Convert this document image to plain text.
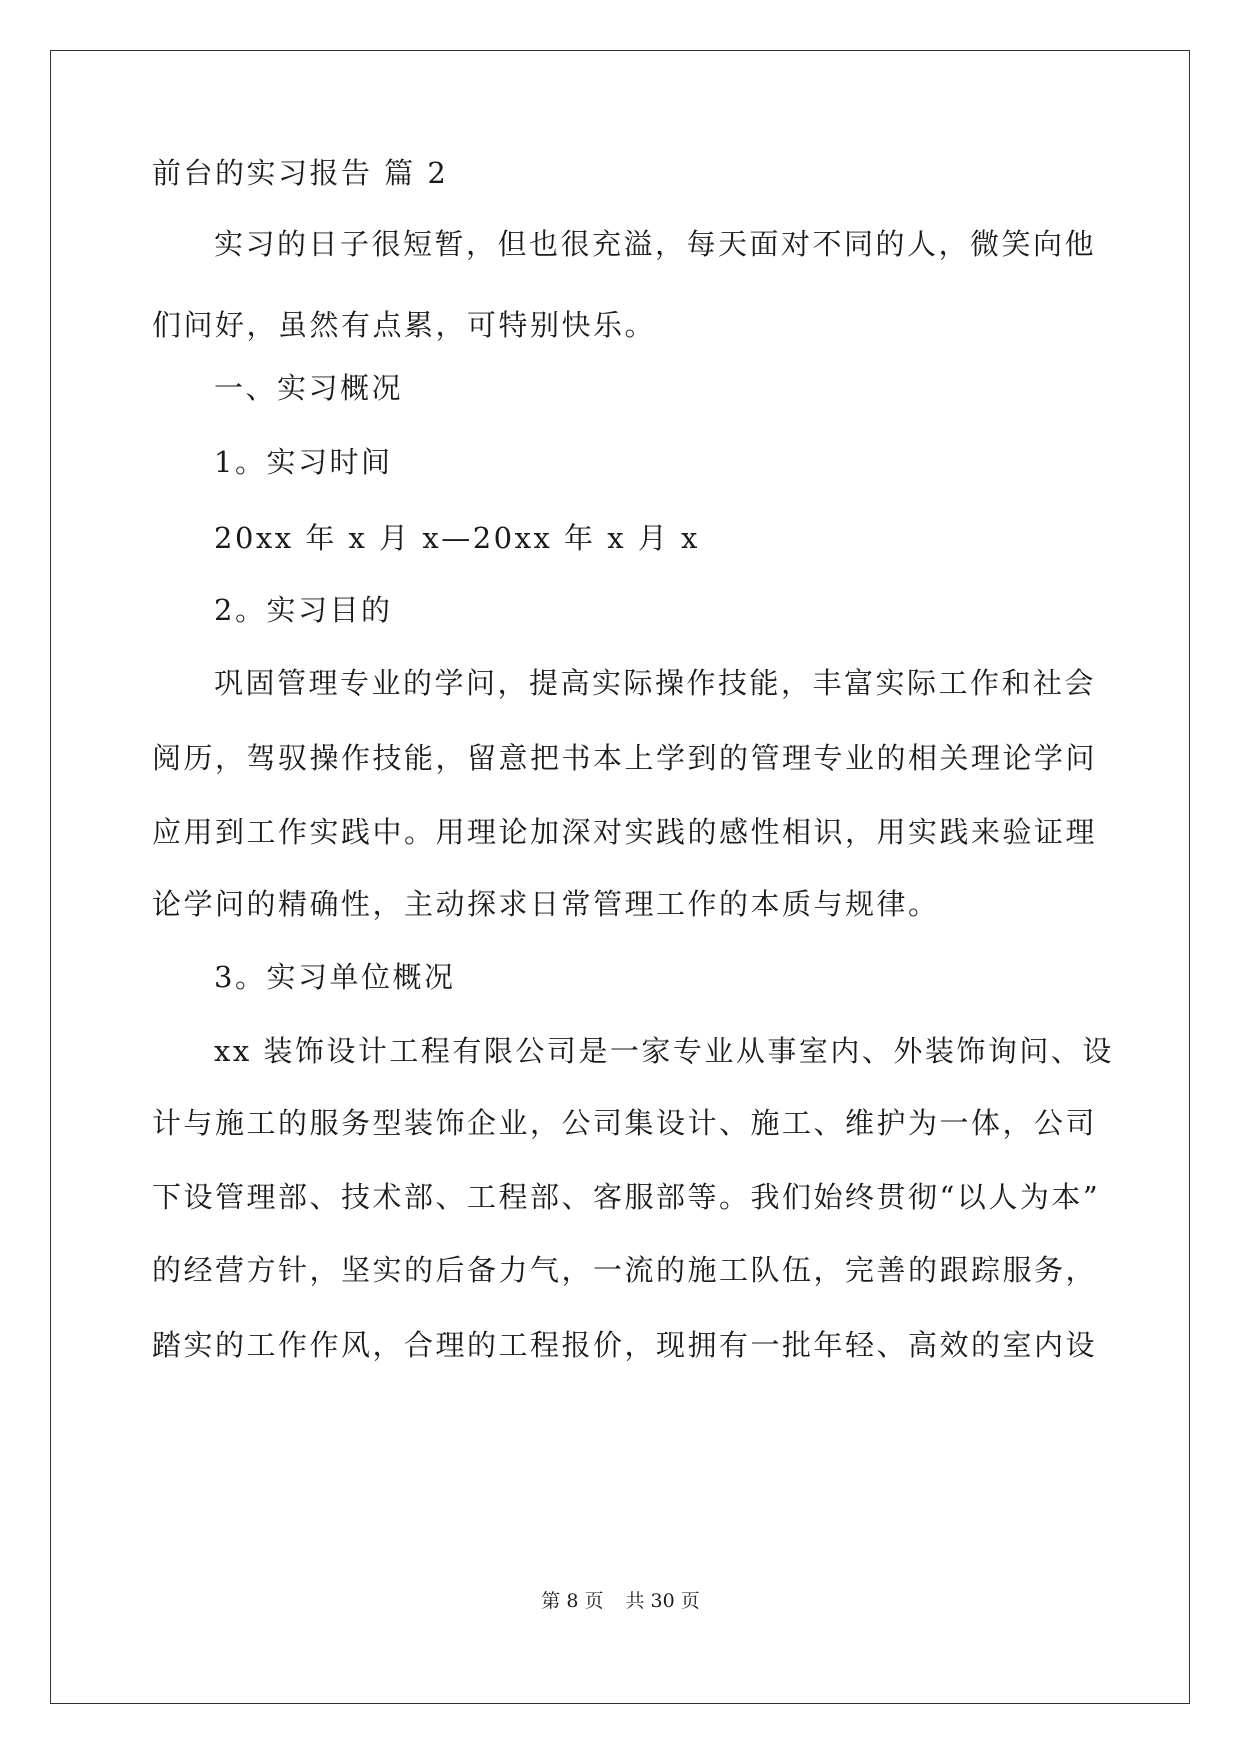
前台的实习报告 篇 2
实习的日子很短暂，但也很充溢，每天面对不同的人，微笑向他
们问好，虽然有点累，可特别快乐。
一、实习概况
1。实习时间
20xx 年 x 月 x—20xx 年 x 月 x
2。实习目的
巩固管理专业的学问，提高实际操作技能，丰富实际工作和社会
阅历，驾驭操作技能，留意把书本上学到的管理专业的相关理论学问
应用到工作实践中。用理论加深对实践的感性相识，用实践来验证理
论学问的精确性，主动探求日常管理工作的本质与规律。
3。实习单位概况
xx 装饰设计工程有限公司是一家专业从事室内、外装饰询问、设
计与施工的服务型装饰企业，公司集设计、施工、维护为一体，公司
下设管理部、技术部、工程部、客服部等。我们始终贯彻“以人为本”
的经营方针，坚实的后备力气，一流的施工队伍，完善的跟踪服务，
踏实的工作作风，合理的工程报价，现拥有一批年轻、高效的室内设
第 8 页 共 30 页
